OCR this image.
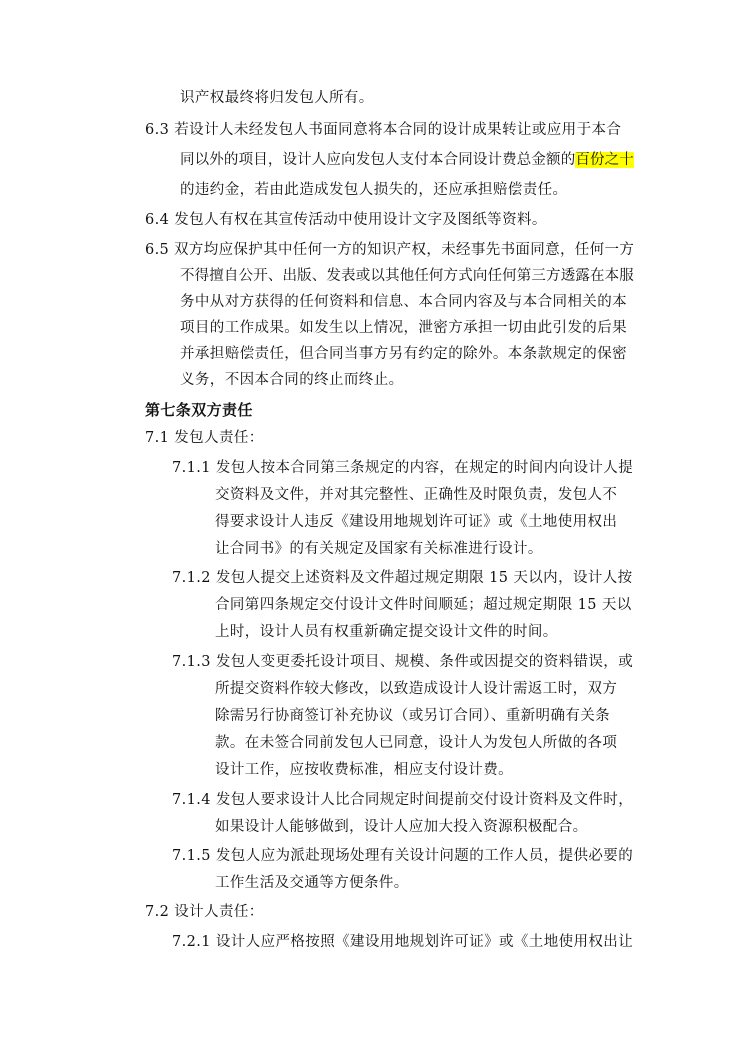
识产权最终将归发包人所有。
6.3 若设计人未经发包人书面同意将本合同的设计成果转让或应用于本合
同以外的项目，设计人应向发包人支付本合同设计费总金额的百份之十
的违约金，若由此造成发包人损失的，还应承担赔偿责任。
6.4 发包人有权在其宣传活动中使用设计文字及图纸等资料。
6.5 双方均应保护其中任何一方的知识产权，未经事先书面同意，任何一方
不得擅自公开、出版、发表或以其他任何方式向任何第三方透露在本服
务中从对方获得的任何资料和信息、本合同内容及与本合同相关的本
项目的工作成果。如发生以上情况，泄密方承担一切由此引发的后果
并承担赔偿责任，但合同当事方另有约定的除外。本条款规定的保密
义务，不因本合同的终止而终止。
第七条双方责任
7.1 发包人责任：
7.1.1 发包人按本合同第三条规定的内容，在规定的时间内向设计人提
交资料及文件，并对其完整性、正确性及时限负责，发包人不
得要求设计人违反《建设用地规划许可证》或《土地使用权出
让合同书》的有关规定及国家有关标准进行设计。
7.1.2 发包人提交上述资料及文件超过规定期限 15 天以内，设计人按
合同第四条规定交付设计文件时间顺延；超过规定期限 15 天以
上时，设计人员有权重新确定提交设计文件的时间。
7.1.3 发包人变更委托设计项目、规模、条件或因提交的资料错误，或
所提交资料作较大修改，以致造成设计人设计需返工时，双方
除需另行协商签订补充协议（或另订合同）、重新明确有关条
款。在未签合同前发包人已同意，设计人为发包人所做的各项
设计工作，应按收费标准，相应支付设计费。
7.1.4 发包人要求设计人比合同规定时间提前交付设计资料及文件时，
如果设计人能够做到，设计人应加大投入资源积极配合。
7.1.5 发包人应为派赴现场处理有关设计问题的工作人员，提供必要的
工作生活及交通等方便条件。
7.2 设计人责任：
7.2.1 设计人应严格按照《建设用地规划许可证》或《土地使用权出让
